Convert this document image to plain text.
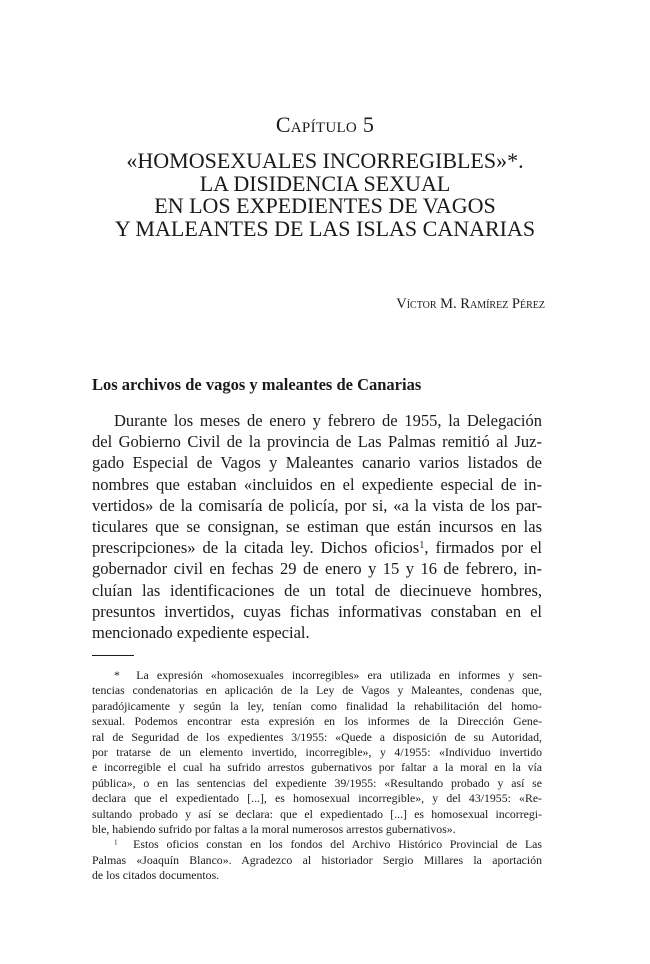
Capítulo 5
«HOMOSEXUALES INCORREGIBLES»*.
LA DISIDENCIA SEXUAL
EN LOS EXPEDIENTES DE VAGOS
Y MALEANTES DE LAS ISLAS CANARIAS
Víctor M. Ramírez Pérez
Los archivos de vagos y maleantes de Canarias
Durante los meses de enero y febrero de 1955, la Delegación
del Gobierno Civil de la provincia de Las Palmas remitió al Juz-
gado Especial de Vagos y Maleantes canario varios listados de
nombres que estaban «incluidos en el expediente especial de in-
vertidos» de la comisaría de policía, por si, «a la vista de los par-
ticulares que se consignan, se estiman que están incursos en las
prescripciones» de la citada ley. Dichos oficios$^1$, firmados por el
gobernador civil en fechas 29 de enero y 15 y 16 de febrero, in-
cluían las identificaciones de un total de diecinueve hombres,
presuntos invertidos, cuyas fichas informativas constaban en el
mencionado expediente especial.
* La expresión «homosexuales incorregibles» era utilizada en informes y sen-
tencias condenatorias en aplicación de la Ley de Vagos y Maleantes, condenas que,
paradójicamente y según la ley, tenían como finalidad la rehabilitación del homo-
sexual. Podemos encontrar esta expresión en los informes de la Dirección Gene-
ral de Seguridad de los expedientes 3/1955: «Quede a disposición de su Autoridad,
por tratarse de un elemento invertido, incorregible», y 4/1955: «Individuo invertido
e incorregible el cual ha sufrido arrestos gubernativos por faltar a la moral en la vía
pública», o en las sentencias del expediente 39/1955: «Resultando probado y así se
declara que el expedientado [...], es homosexual incorregible», y del 43/1955: «Re-
sultando probado y así se declara: que el expedientado [...] es homosexual incorregi-
ble, habiendo sufrido por faltas a la moral numerosos arrestos gubernativos».
$^1$ Estos oficios constan en los fondos del Archivo Histórico Provincial de Las
Palmas «Joaquín Blanco». Agradezco al historiador Sergio Millares la aportación
de los citados documentos.
